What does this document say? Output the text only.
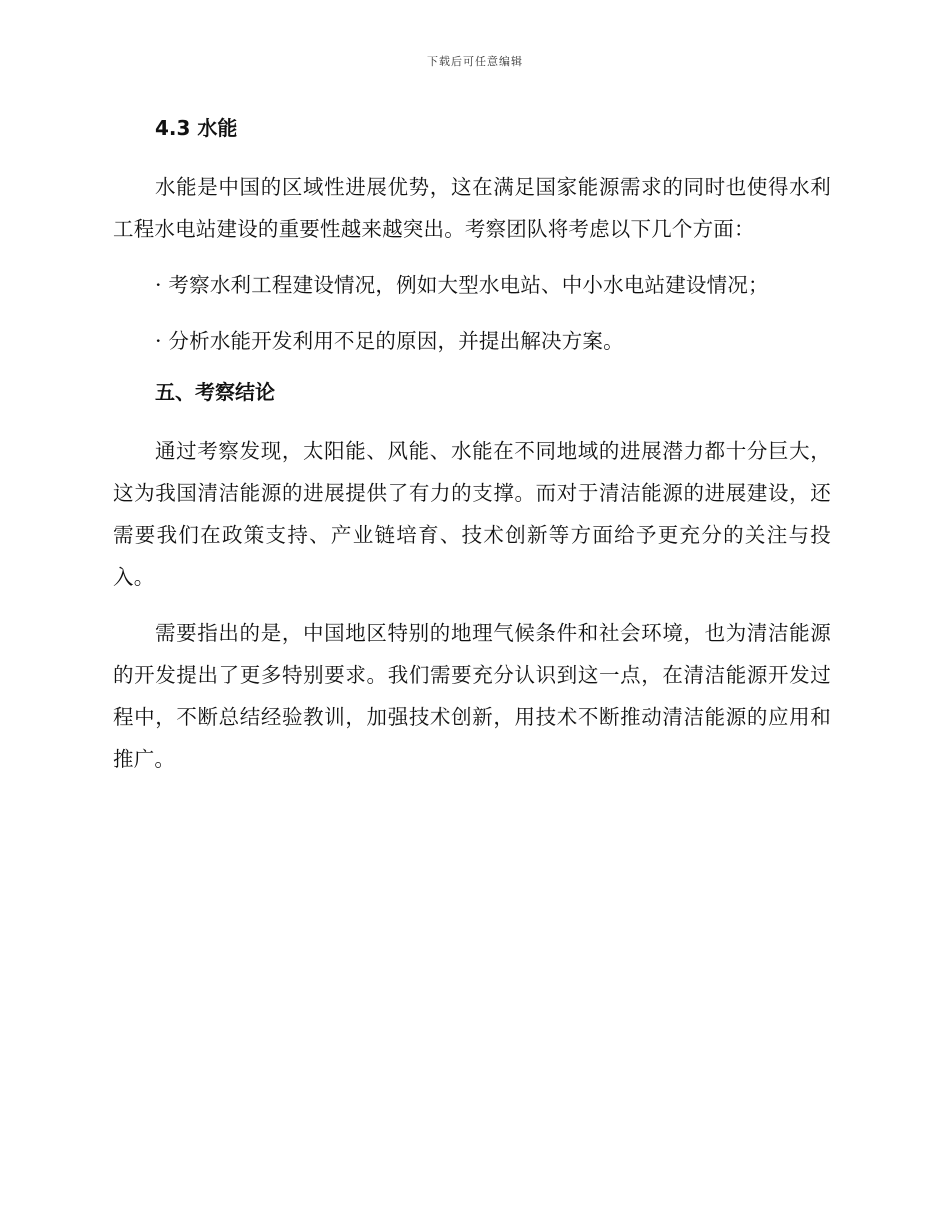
下载后可任意编辑
4.3 水能

水能是中国的区域性进展优势，这在满足国家能源需求的同时也使得水利工程水电站建设的重要性越来越突出。考察团队将考虑以下几个方面：

· 考察水利工程建设情况，例如大型水电站、中小水电站建设情况；

· 分析水能开发利用不足的原因，并提出解决方案。

五、考察结论

通过考察发现，太阳能、风能、水能在不同地域的进展潜力都十分巨大，这为我国清洁能源的进展提供了有力的支撑。而对于清洁能源的进展建设，还需要我们在政策支持、产业链培育、技术创新等方面给予更充分的关注与投入。

需要指出的是，中国地区特别的地理气候条件和社会环境，也为清洁能源的开发提出了更多特别要求。我们需要充分认识到这一点，在清洁能源开发过程中，不断总结经验教训，加强技术创新，用技术不断推动清洁能源的应用和推广。
